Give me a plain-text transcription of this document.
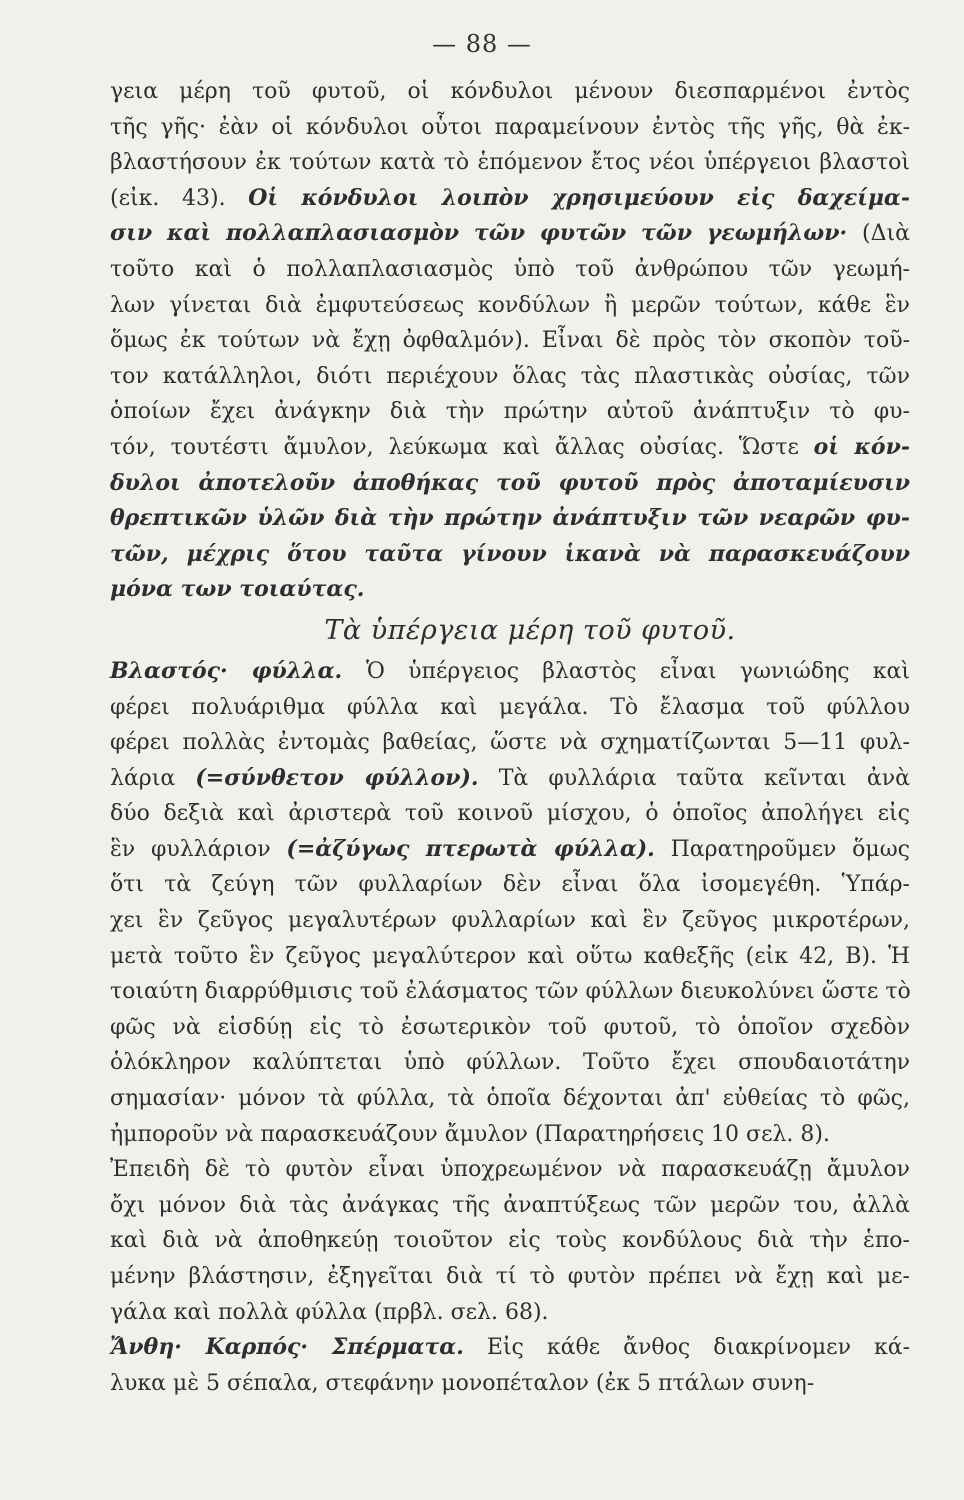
— 88 —
γεια μέρη τοῦ φυτοῦ, οἱ κόνδυλοι μένουν διεσπαρμένοι ἐντὸς
τῆς γῆς· ἐὰν οἱ κόνδυλοι οὗτοι παραμείνουν ἐντὸς τῆς γῆς, θὰ ἐκ-
βλαστήσουν ἐκ τούτων κατὰ τὸ ἑπόμενον ἔτος νέοι ὑπέργειοι βλαστοὶ
(εἰκ. 43). Οἱ κόνδυλοι λοιπὸν χρησιμεύουν εἰς δαχείμα-
σιν καὶ πολλαπλασιασμὸν τῶν φυτῶν τῶν γεωμήλων· (Διὰ
τοῦτο καὶ ὁ πολλαπλασιασμὸς ὑπὸ τοῦ ἀνθρώπου τῶν γεωμή-
λων γίνεται διὰ ἐμφυτεύσεως κονδύλων ἢ μερῶν τούτων, κάθε ἓν
ὅμως ἐκ τούτων νὰ ἔχῃ ὀφθαλμόν). Εἶναι δὲ πρὸς τὸν σκοπὸν τοῦ-
τον κατάλληλοι, διότι περιέχουν ὅλας τὰς πλαστικὰς οὐσίας, τῶν
ὁποίων ἔχει ἀνάγκην διὰ τὴν πρώτην αὐτοῦ ἀνάπτυξιν τὸ φυ-
τόν, τουτέστι ἄμυλον, λεύκωμα καὶ ἄλλας οὐσίας. Ὥστε οἱ κόν-
δυλοι ἀποτελοῦν ἀποθήκας τοῦ φυτοῦ πρὸς ἀποταμίευσιν
θρεπτικῶν ὑλῶν διὰ τὴν πρώτην ἀνάπτυξιν τῶν νεαρῶν φυ-
τῶν, μέχρις ὅτου ταῦτα γίνουν ἱκανὰ νὰ παρασκευάζουν
μόνα των τοιαύτας.
Τὰ ὑπέργεια μέρη τοῦ φυτοῦ.
Βλαστός· φύλλα. Ὁ ὑπέργειος βλαστὸς εἶναι γωνιώδης καὶ
φέρει πολυάριθμα φύλλα καὶ μεγάλα. Τὸ ἔλασμα τοῦ φύλλου
φέρει πολλὰς ἐντομὰς βαθείας, ὥστε νὰ σχηματίζωνται 5—11 φυλ-
λάρια (=σύνθετον φύλλον). Τὰ φυλλάρια ταῦτα κεῖνται ἀνὰ
δύο δεξιὰ καὶ ἀριστερὰ τοῦ κοινοῦ μίσχου, ὁ ὁποῖος ἀπολήγει εἰς
ἓν φυλλάριον (=ἀζύγως πτερωτὰ φύλλα). Παρατηροῦμεν ὅμως
ὅτι τὰ ζεύγη τῶν φυλλαρίων δὲν εἶναι ὅλα ἰσομεγέθη. Ὑπάρ-
χει ἓν ζεῦγος μεγαλυτέρων φυλλαρίων καὶ ἓν ζεῦγος μικροτέρων,
μετὰ τοῦτο ἓν ζεῦγος μεγαλύτερον καὶ οὕτω καθεξῆς (εἰκ 42, Β). Ἡ
τοιαύτη διαρρύθμισις τοῦ ἐλάσματος τῶν φύλλων διευκολύνει ὥστε τὸ
φῶς νὰ εἰσδύῃ εἰς τὸ ἐσωτερικὸν τοῦ φυτοῦ, τὸ ὁποῖον σχεδὸν
ὁλόκληρον καλύπτεται ὑπὸ φύλλων. Τοῦτο ἔχει σπουδαιοτάτην
σημασίαν· μόνον τὰ φύλλα, τὰ ὁποῖα δέχονται ἀπ' εὐθείας τὸ φῶς,
ἠμποροῦν νὰ παρασκευάζουν ἄμυλον (Παρατηρήσεις 10 σελ. 8).
Ἐπειδὴ δὲ τὸ φυτὸν εἶναι ὑποχρεωμένον νὰ παρασκευάζῃ ἄμυλον
ὄχι μόνον διὰ τὰς ἀνάγκας τῆς ἀναπτύξεως τῶν μερῶν του, ἀλλὰ
καὶ διὰ νὰ ἀποθηκεύῃ τοιοῦτον εἰς τοὺς κονδύλους διὰ τὴν ἑπο-
μένην βλάστησιν, ἐξηγεῖται διὰ τί τὸ φυτὸν πρέπει νὰ ἔχῃ καὶ με-
γάλα καὶ πολλὰ φύλλα (πρβλ. σελ. 68).
Ἄνθη· Καρπός· Σπέρματα. Εἰς κάθε ἄνθος διακρίνομεν κά-
λυκα μὲ 5 σέπαλα, στεφάνην μονοπέταλον (ἐκ 5 πτάλων συνη-
